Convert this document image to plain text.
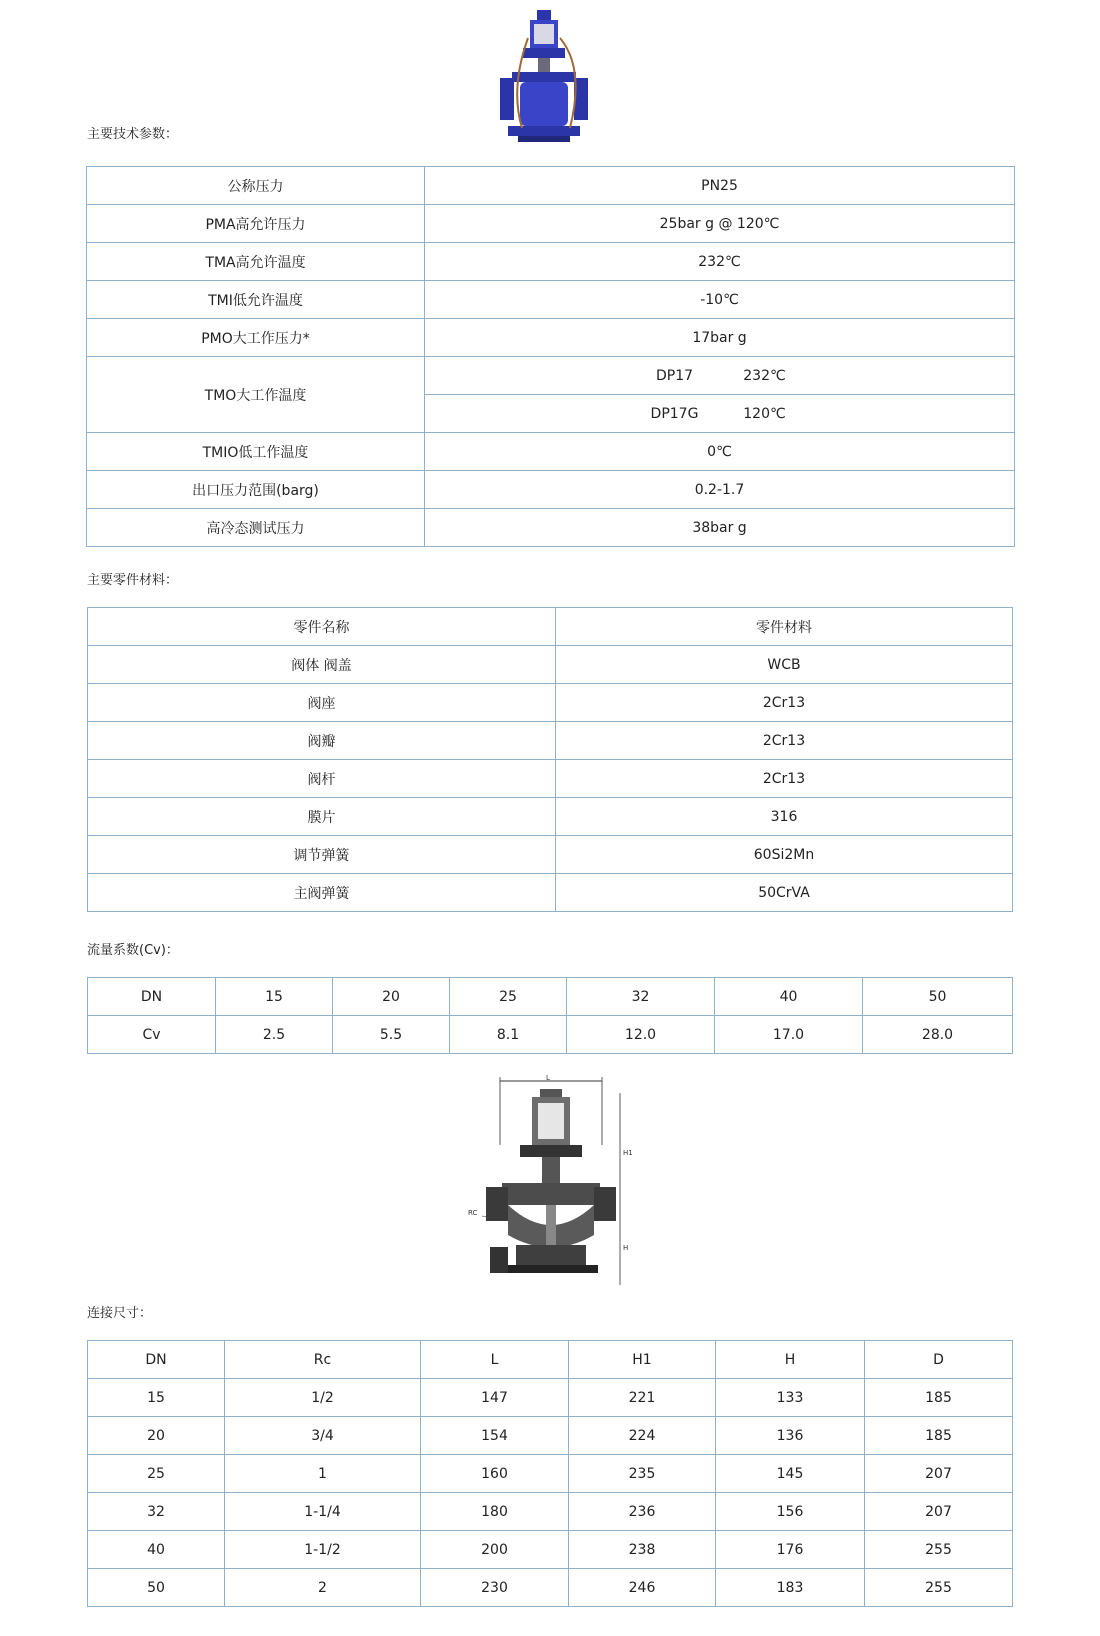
主要技术参数：
公称压力	PN25
PMA高允许压力	25bar g @ 120℃
TMA高允许温度	232℃
TMI低允许温度	-10℃
PMO大工作压力*	17bar g
TMO大工作温度	DP17 232℃
	DP17G 120℃
TMIO低工作温度	0℃
出口压力范围(barg)	0.2-1.7
高冷态测试压力	38bar g
主要零件材料：
零件名称	零件材料
阀体 阀盖	WCB
阀座	2Cr13
阀瓣	2Cr13
阀杆	2Cr13
膜片	316
调节弹簧	60Si2Mn
主阀弹簧	50CrVA
流量系数(Cv)：
DN	15	20	25	32	40	50
Cv	2.5	5.5	8.1	12.0	17.0	28.0
L
H1
H
RC
连接尺寸：
DN	Rc	L	H1	H	D
15	1/2	147	221	133	185
20	3/4	154	224	136	185
25	1	160	235	145	207
32	1-1/4	180	236	156	207
40	1-1/2	200	238	176	255
50	2	230	246	183	255
